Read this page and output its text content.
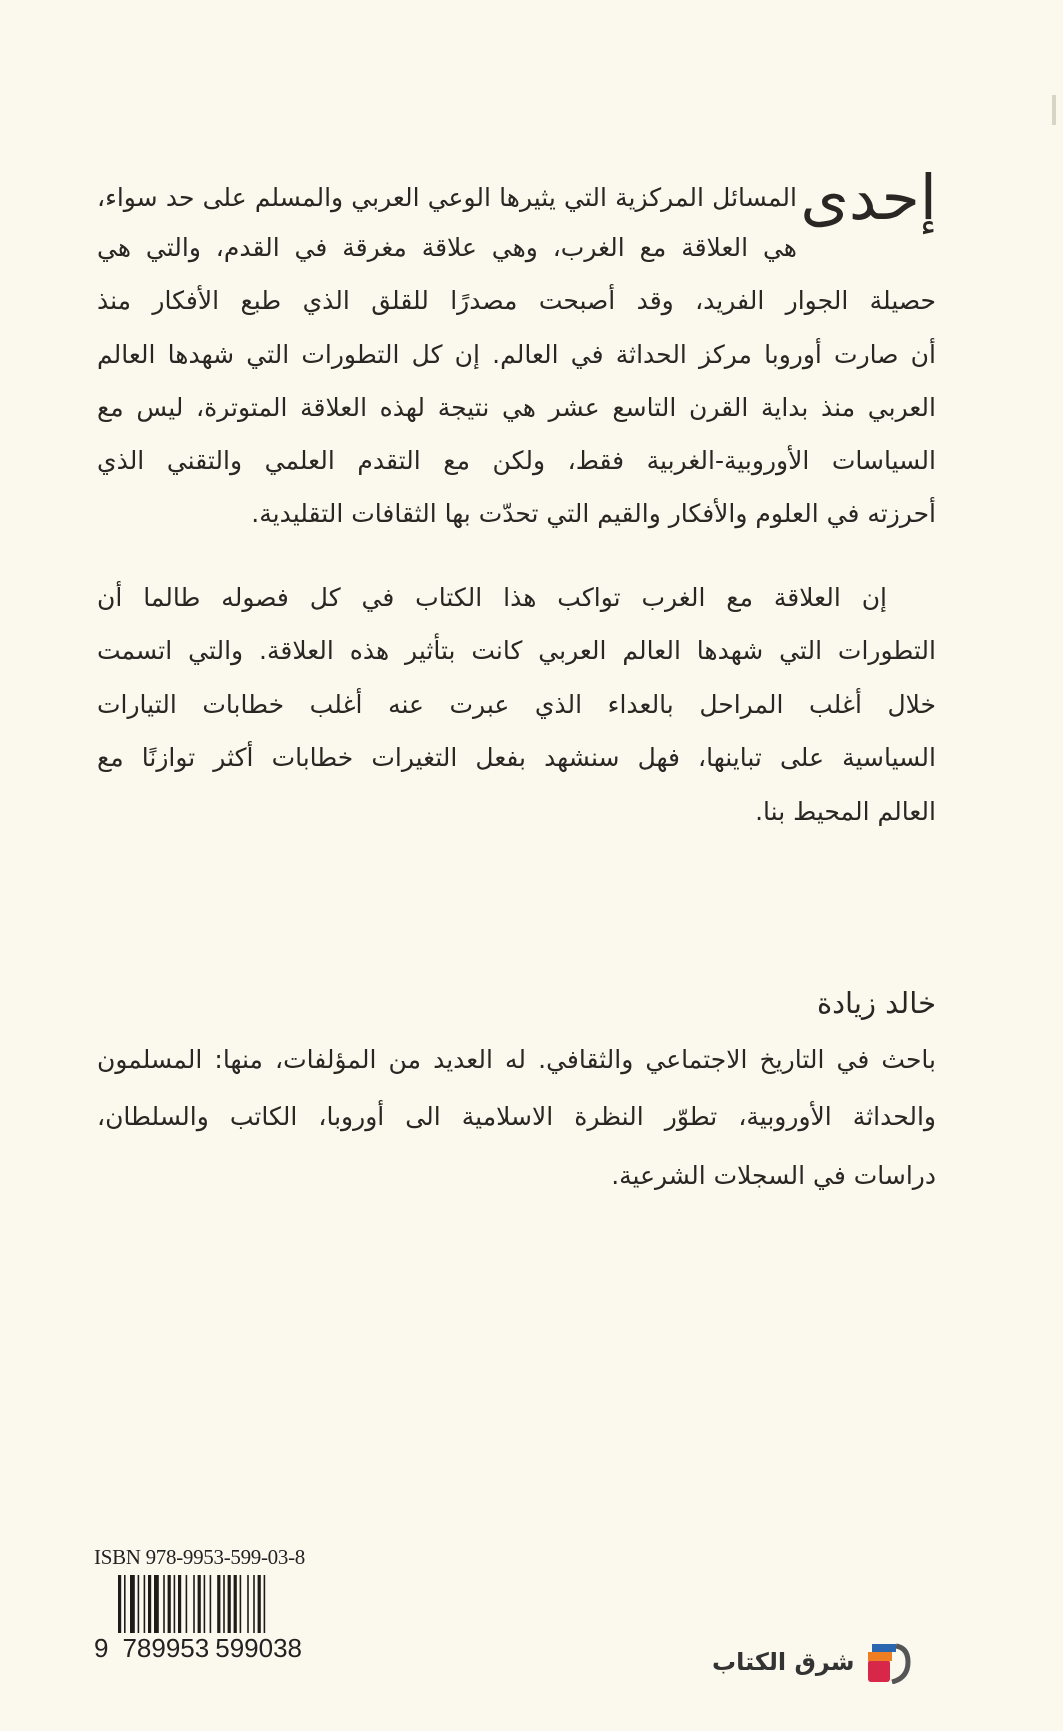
إحدى
المسائل المركزية التي يثيرها الوعي العربي والمسلم على حد سواء،
هي العلاقة مع الغرب، وهي علاقة مغرقة في القدم، والتي هي
حصيلة الجوار الفريد، وقد أصبحت مصدرًا للقلق الذي طبع الأفكار منذ
أن صارت أوروبا مركز الحداثة في العالم. إن كل التطورات التي شهدها العالم
العربي منذ بداية القرن التاسع عشر هي نتيجة لهذه العلاقة المتوترة، ليس مع
السياسات الأوروبية-الغربية فقط، ولكن مع التقدم العلمي والتقني الذي
أحرزته في العلوم والأفكار والقيم التي تحدّت بها الثقافات التقليدية.
إن العلاقة مع الغرب تواكب هذا الكتاب في كل فصوله طالما أن
التطورات التي شهدها العالم العربي كانت بتأثير هذه العلاقة. والتي اتسمت
خلال أغلب المراحل بالعداء الذي عبرت عنه أغلب خطابات التيارات
السياسية على تباينها، فهل سنشهد بفعل التغيرات خطابات أكثر توازنًا مع
العالم المحيط بنا.
خالد زيادة
باحث في التاريخ الاجتماعي والثقافي. له العديد من المؤلفات، منها: المسلمون
والحداثة الأوروبية، تطوّر النظرة الاسلامية الى أوروبا، الكاتب والسلطان،
دراسات في السجلات الشرعية.
ISBN 978-9953-599-03-8
9 789953 599038	شرق الكتاب
